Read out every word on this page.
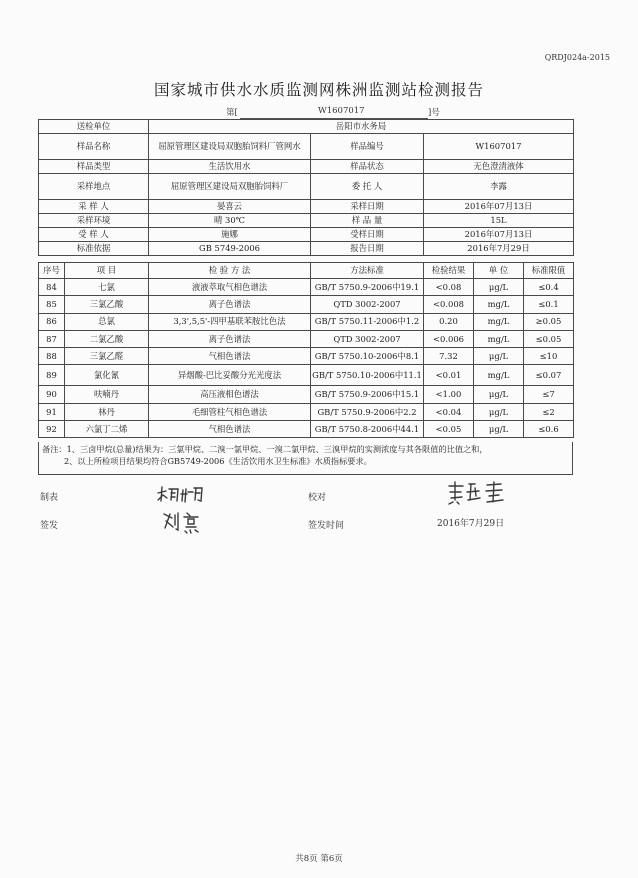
QRDJ024a-2015
国家城市供水水质监测网株洲监测站检测报告
第[	W1607017	]号
送检单位	岳阳市水务局		
样品名称	屈原管理区建设局双胞胎饲料厂管网水	样品编号	W1607017
样品类型	生活饮用水	样品状态	无色澄清液体
采样地点	屈原管理区建设局双胞胎饲料厂	委 托 人	李露
采 样 人	晏喜云	采样日期	2016年07月13日
采样环境	晴 30℃	样 品 量	15L
受 样 人	施娜	受样日期	2016年07月13日
标准依据	GB 5749-2006	报告日期	2016年7月29日
序号	项 目	检 验 方 法	方法标准	检验结果	单 位	标准限值
84	七氯	液液萃取气相色谱法	GB/T 5750.9-2006中19.1	<0.08	μg/L	≤0.4
85	三氯乙酸	离子色谱法	QTD 3002-2007	<0.008	mg/L	≤0.1
86	总氯	3,3',5,5'-四甲基联苯胺比色法	GB/T 5750.11-2006中1.2	0.20	mg/L	≥0.05
87	二氯乙酸	离子色谱法	QTD 3002-2007	<0.006	mg/L	≤0.05
88	三氯乙醛	气相色谱法	GB/T 5750.10-2006中8.1	7.32	μg/L	≤10
89	氯化氰	异烟酸-巴比妥酸分光光度法	GB/T 5750.10-2006中11.1	<0.01	mg/L	≤0.07
90	呋喃丹	高压液相色谱法	GB/T 5750.9-2006中15.1	<1.00	μg/L	≤7
91	林丹	毛细管柱气相色谱法	GB/T 5750.9-2006中2.2	<0.04	μg/L	≤2
92	六氯丁二烯	气相色谱法	GB/T 5750.8-2006中44.1	<0.05	μg/L	≤0.6
备注：1、三卤甲烷(总量)结果为：三氯甲烷、二溴一氯甲烷、一溴二氯甲烷、三溴甲烷的实测浓度与其各限值的比值之和，
2、以上所检项目结果均符合GB5749-2006《生活饮用水卫生标准》水质指标要求。
制表	校对
签发	签发时间	2016年7月29日
共8页 第6页
